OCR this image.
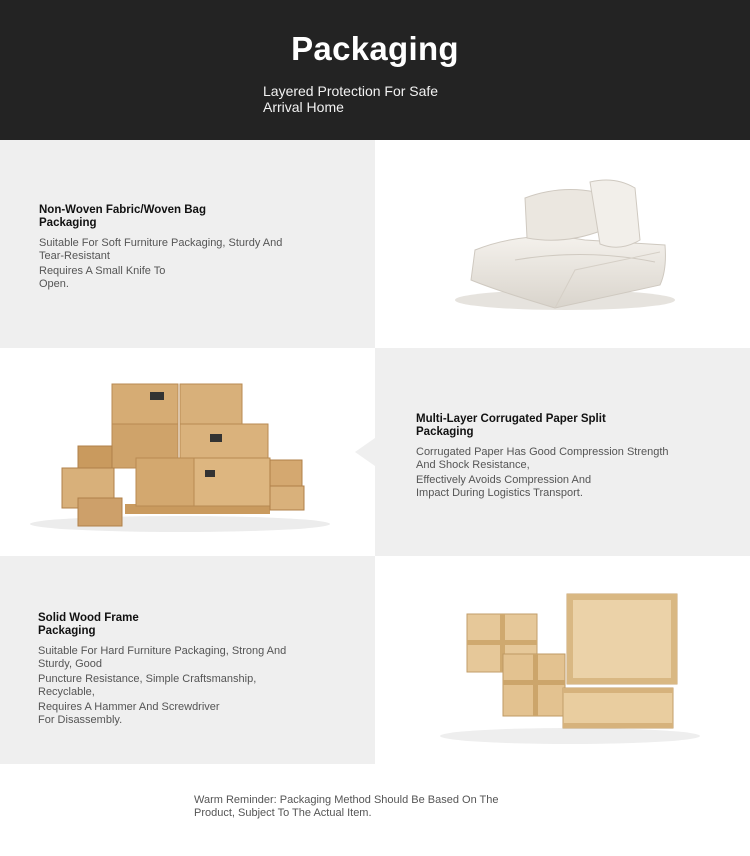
Packaging
Layered Protection For Safe
Arrival Home
Non-Woven Fabric/Woven Bag
Packaging
Suitable For Soft Furniture Packaging, Sturdy And
Tear-Resistant
Requires A Small Knife To
Open.
Multi-Layer Corrugated Paper Split
Packaging
Corrugated Paper Has Good Compression Strength
And Shock Resistance,
Effectively Avoids Compression And
Impact During Logistics Transport.
Solid Wood Frame
Packaging
Suitable For Hard Furniture Packaging, Strong And
Sturdy, Good
Puncture Resistance, Simple Craftsmanship,
Recyclable,
Requires A Hammer And Screwdriver
For Disassembly.
Warm Reminder: Packaging Method Should Be Based On The
Product, Subject To The Actual Item.
